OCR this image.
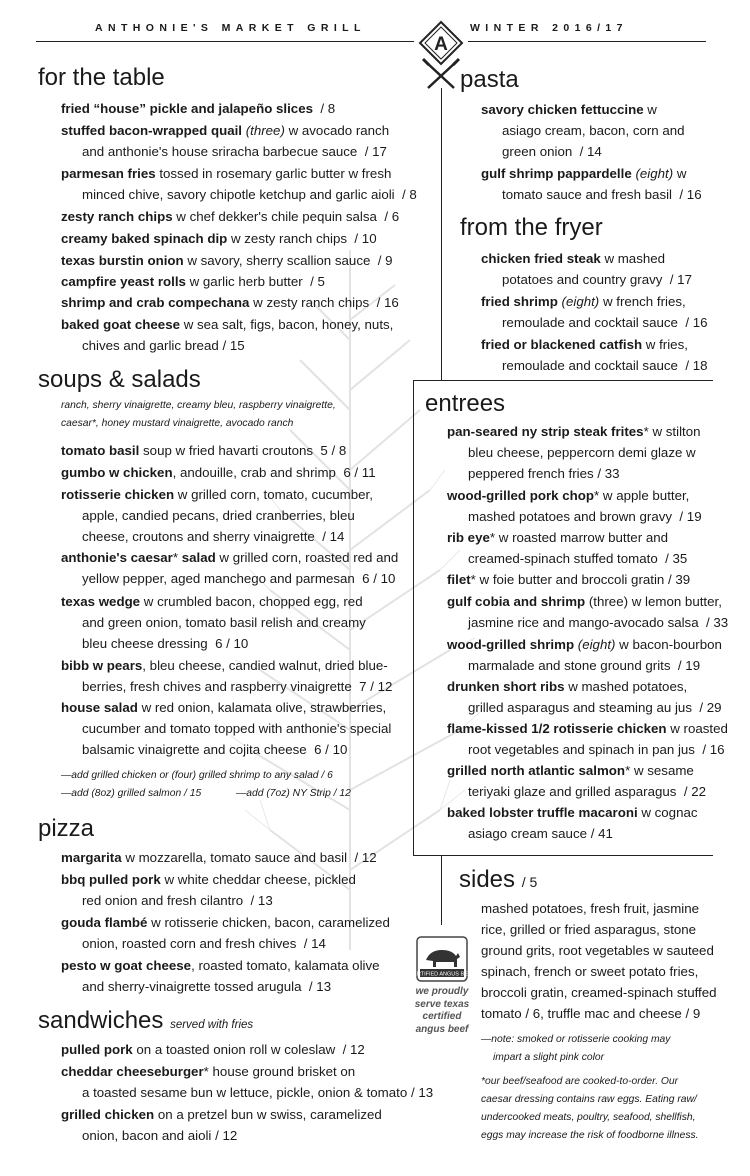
ANTHONIE'S MARKET GRILL	WINTER 2016/17
A
for the table
fried “house” pickle and jalapeño slices / 8
stuffed bacon-wrapped quail (three) w avocado ranch
and anthonie's house sriracha barbecue sauce / 17
parmesan fries tossed in rosemary garlic butter w fresh
minced chive, savory chipotle ketchup and garlic aioli / 8
zesty ranch chips w chef dekker's chile pequin salsa / 6
creamy baked spinach dip w zesty ranch chips / 10
texas burstin onion w savory, sherry scallion sauce / 9
campfire yeast rolls w garlic herb butter / 5
shrimp and crab compechana w zesty ranch chips / 16
baked goat cheese w sea salt, figs, bacon, honey, nuts,
chives and garlic bread / 15
soups & salads
ranch, sherry vinaigrette, creamy bleu, raspberry vinaigrette,
caesar*, honey mustard vinaigrette, avocado ranch
tomato basil soup w fried havarti croutons 5 / 8
gumbo w chicken, andouille, crab and shrimp 6 / 11
rotisserie chicken w grilled corn, tomato, cucumber,
apple, candied pecans, dried cranberries, bleu
cheese, croutons and sherry vinaigrette / 14
anthonie's caesar* salad w grilled corn, roasted red and
yellow pepper, aged manchego and parmesan 6 / 10
texas wedge w crumbled bacon, chopped egg, red
and green onion, tomato basil relish and creamy
bleu cheese dressing 6 / 10
bibb w pears, bleu cheese, candied walnut, dried blue-
berries, fresh chives and raspberry vinaigrette 7 / 12
house salad w red onion, kalamata olive, strawberries,
cucumber and tomato topped with anthonie's special
balsamic vinaigrette and cojita cheese 6 / 10
—add grilled chicken or (four) grilled shrimp to any salad / 6
—add (8oz) grilled salmon / 15	—add (7oz) NY Strip / 12
pizza
margarita w mozzarella, tomato sauce and basil / 12
bbq pulled pork w white cheddar cheese, pickled
red onion and fresh cilantro / 13
gouda flambé w rotisserie chicken, bacon, caramelized
onion, roasted corn and fresh chives / 14
pesto w goat cheese, roasted tomato, kalamata olive
and sherry-vinaigrette tossed arugula / 13
sandwiches served with fries
pulled pork on a toasted onion roll w coleslaw / 12
cheddar cheeseburger* house ground brisket on
a toasted sesame bun w lettuce, pickle, onion & tomato / 13
grilled chicken on a pretzel bun w swiss, caramelized
onion, bacon and aioli / 12
pasta
savory chicken fettuccine w
asiago cream, bacon, corn and
green onion / 14
gulf shrimp pappardelle (eight) w
tomato sauce and fresh basil / 16
from the fryer
chicken fried steak w mashed
potatoes and country gravy / 17
fried shrimp (eight) w french fries,
remoulade and cocktail sauce / 16
fried or blackened catfish w fries,
remoulade and cocktail sauce / 18
entrees
pan-seared ny strip steak frites* w stilton
bleu cheese, peppercorn demi glaze w
peppered french fries / 33
wood-grilled pork chop* w apple butter,
mashed potatoes and brown gravy / 19
rib eye* w roasted marrow butter and
creamed-spinach stuffed tomato / 35
filet* w foie butter and broccoli gratin / 39
gulf cobia and shrimp (three) w lemon butter,
jasmine rice and mango-avocado salsa / 33
wood-grilled shrimp (eight) w bacon-bourbon
marmalade and stone ground grits / 19
drunken short ribs w mashed potatoes,
grilled asparagus and steaming au jus / 29
flame-kissed 1/2 rotisserie chicken w roasted
root vegetables and spinach in pan jus / 16
grilled north atlantic salmon* w sesame
teriyaki glaze and grilled asparagus / 22
baked lobster truffle macaroni w cognac
asiago cream sauce / 41
sides / 5
mashed potatoes, fresh fruit, jasmine
rice, grilled or fried asparagus, stone
ground grits, root vegetables w sauteed
spinach, french or sweet potato fries,
broccoli gratin, creamed-spinach stuffed
tomato / 6, truffle mac and cheese / 9
—note: smoked or rotisserie cooking may
impart a slight pink color
*our beef/seafood are cooked-to-order. Our
caesar dressing contains raw eggs. Eating raw/
undercooked meats, poultry, seafood, shellfish,
eggs may increase the risk of foodborne illness.
CERTIFIED ANGUS BEEF
we proudly
serve texas
certified
angus beef
